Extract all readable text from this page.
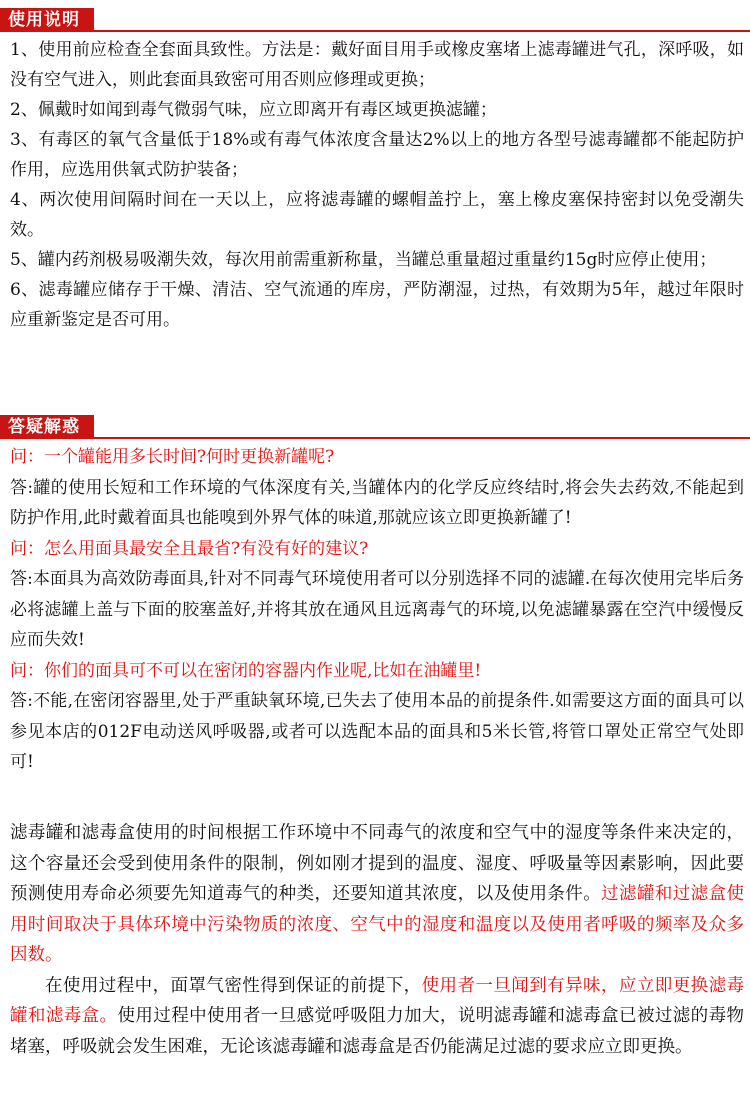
使用说明

1、使用前应检查全套面具致性。方法是：戴好面目用手或橡皮塞堵上滤毒罐进气孔，深呼吸，如没有空气进入，则此套面具致密可用否则应修理或更换；

2、佩戴时如闻到毒气微弱气味，应立即离开有毒区域更换滤罐；

3、有毒区的氧气含量低于18%或有毒气体浓度含量达2%以上的地方各型号滤毒罐都不能起防护作用，应选用供氧式防护装备；

4、两次使用间隔时间在一天以上，应将滤毒罐的螺帽盖拧上，塞上橡皮塞保持密封以免受潮失效。

5、罐内药剂极易吸潮失效，每次用前需重新称量，当罐总重量超过重量约15g时应停止使用；

6、滤毒罐应储存于干燥、清洁、空气流通的库房，严防潮湿，过热，有效期为5年，越过年限时应重新鉴定是否可用。

答疑解惑

问：一个罐能用多长时间?何时更换新罐呢?

答:罐的使用长短和工作环境的气体深度有关,当罐体内的化学反应终结时,将会失去药效,不能起到防护作用,此时戴着面具也能嗅到外界气体的味道,那就应该立即更换新罐了!

问：怎么用面具最安全且最省?有没有好的建议?

答:本面具为高效防毒面具,针对不同毒气环境使用者可以分别选择不同的滤罐.在每次使用完毕后务必将滤罐上盖与下面的胶塞盖好,并将其放在通风且远离毒气的环境,以免滤罐暴露在空汽中缓慢反应而失效!

问：你们的面具可不可以在密闭的容器内作业呢,比如在油罐里!

答:不能,在密闭容器里,处于严重缺氧环境,已失去了使用本品的前提条件.如需要这方面的面具可以参见本店的012F电动送风呼吸器,或者可以选配本品的面具和5米长管,将管口罩处正常空气处即可!

滤毒罐和滤毒盒使用的时间根据工作环境中不同毒气的浓度和空气中的湿度等条件来决定的，这个容量还会受到使用条件的限制，例如刚才提到的温度、湿度、呼吸量等因素影响，因此要预测使用寿命必须要先知道毒气的种类，还要知道其浓度，以及使用条件。过滤罐和过滤盒使用时间取决于具体环境中污染物质的浓度、空气中的湿度和温度以及使用者呼吸的频率及众多因数。

在使用过程中，面罩气密性得到保证的前提下，使用者一旦闻到有异味，应立即更换滤毒罐和滤毒盒。使用过程中使用者一旦感觉呼吸阻力加大，说明滤毒罐和滤毒盒已被过滤的毒物堵塞，呼吸就会发生困难，无论该滤毒罐和滤毒盒是否仍能满足过滤的要求应立即更换。
